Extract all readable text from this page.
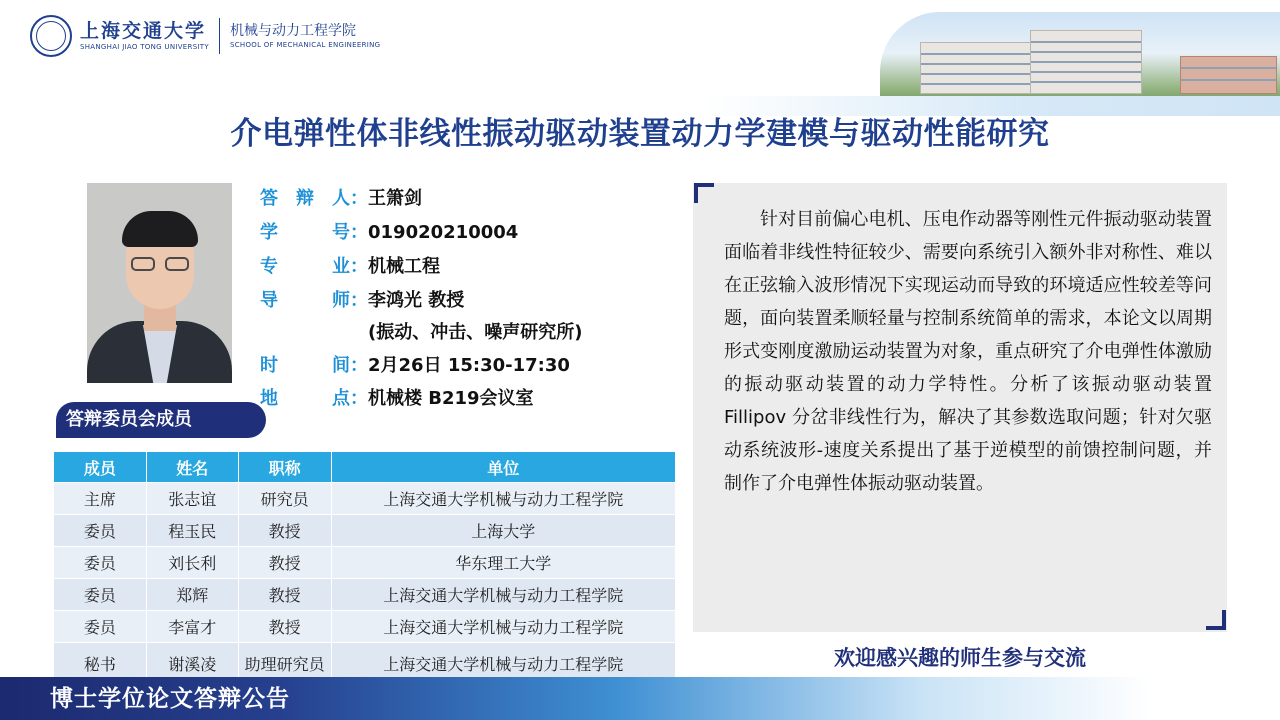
上海交通大学
SHANGHAI JIAO TONG UNIVERSITY
机械与动力工程学院
SCHOOL OF MECHANICAL ENGINEERING
介电弹性体非线性振动驱动装置动力学建模与驱动性能研究
答 辩 人： 王箫剑
学	号： 019020210004
专	业： 机械工程
导	师： 李鸿光 教授
(振动、冲击、噪声研究所)
时	间： 2月26日 15:30-17:30
地	点： 机械楼 B219会议室
答辩委员会成员
成员	姓名	职称	单位
主席	张志谊	研究员	上海交通大学机械与动力工程学院
委员	程玉民	教授	上海大学
委员	刘长利	教授	华东理工大学
委员	郑辉	教授	上海交通大学机械与动力工程学院
委员	李富才	教授	上海交通大学机械与动力工程学院
秘书	谢溪凌	助理研究员	上海交通大学机械与动力工程学院
针对目前偏心电机、压电作动器等刚性元件振动驱动装置面临着非线性特征较少、需要向系统引入额外非对称性、难以在正弦输入波形情况下实现运动而导致的环境适应性较差等问题，面向装置柔顺轻量与控制系统简单的需求，本论文以周期形式变刚度激励运动装置为对象，重点研究了介电弹性体激励的振动驱动装置的动力学特性。分析了该振动驱动装置 Fillipov 分岔非线性行为，解决了其参数选取问题；针对欠驱动系统波形-速度关系提出了基于逆模型的前馈控制问题，并制作了介电弹性体振动驱动装置。
欢迎感兴趣的师生参与交流
博士学位论文答辩公告
